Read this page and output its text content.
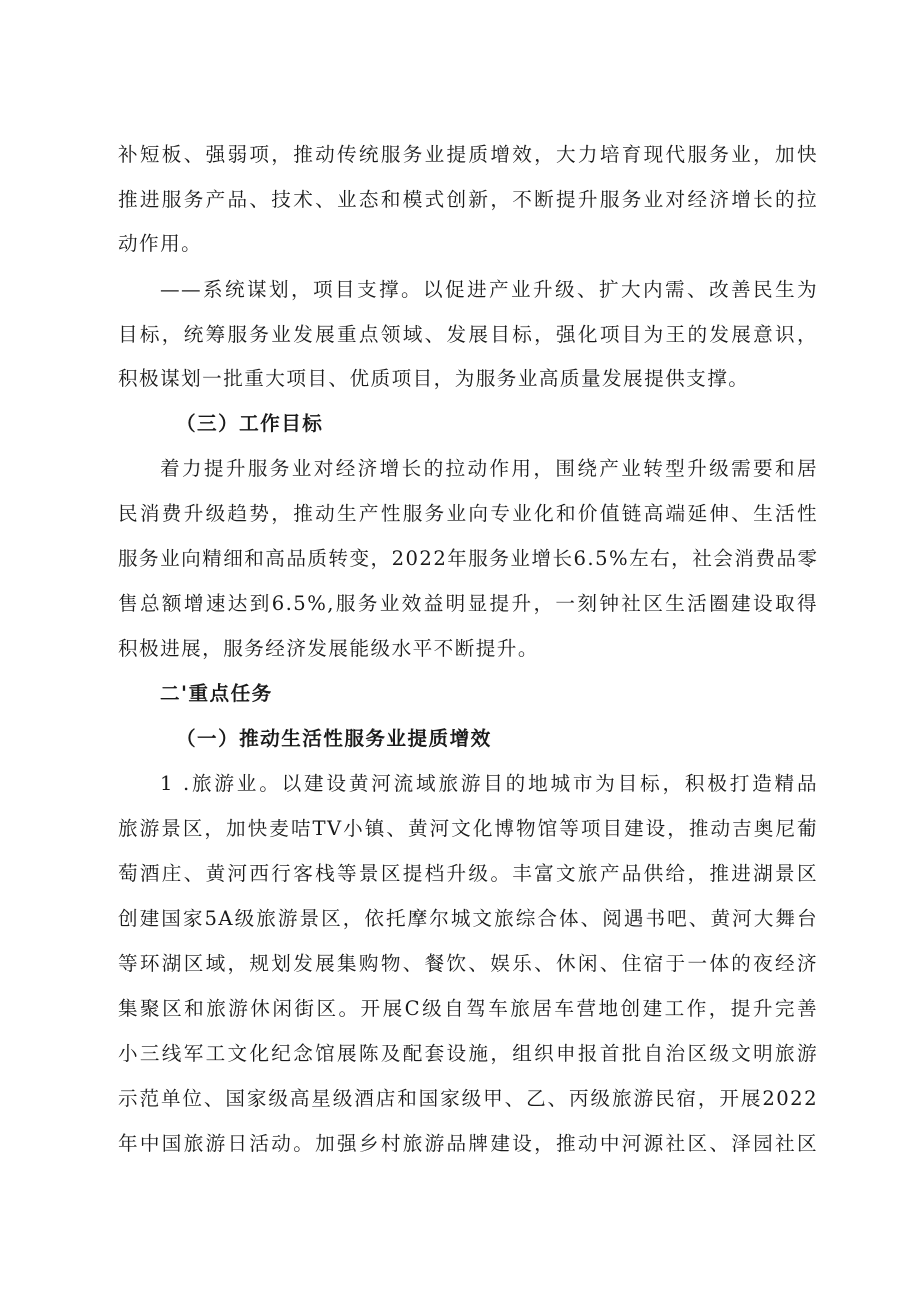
补短板、强弱项，推动传统服务业提质增效，大力培育现代服务业，加快
推进服务产品、技术、业态和模式创新，不断提升服务业对经济增长的拉
动作用。
——系统谋划，项目支撑。以促进产业升级、扩大内需、改善民生为
目标，统筹服务业发展重点领域、发展目标，强化项目为王的发展意识，
积极谋划一批重大项目、优质项目，为服务业高质量发展提供支撑。
（三）工作目标
着力提升服务业对经济增长的拉动作用，围绕产业转型升级需要和居
民消费升级趋势，推动生产性服务业向专业化和价值链高端延伸、生活性
服务业向精细和高品质转变，2022年服务业增长6.5%左右，社会消费品零
售总额增速达到6.5%,服务业效益明显提升，一刻钟社区生活圈建设取得
积极进展，服务经济发展能级水平不断提升。
二'重点任务
（一）推动生活性服务业提质增效
1 .旅游业。以建设黄河流域旅游目的地城市为目标，积极打造精品
旅游景区，加快麦咭TV小镇、黄河文化博物馆等项目建设，推动吉奥尼葡
萄酒庄、黄河西行客栈等景区提档升级。丰富文旅产品供给，推进湖景区
创建国家5A级旅游景区，依托摩尔城文旅综合体、阅遇书吧、黄河大舞台
等环湖区域，规划发展集购物、餐饮、娱乐、休闲、住宿于一体的夜经济
集聚区和旅游休闲街区。开展C级自驾车旅居车营地创建工作，提升完善
小三线军工文化纪念馆展陈及配套设施，组织申报首批自治区级文明旅游
示范单位、国家级高星级酒店和国家级甲、乙、丙级旅游民宿，开展2022
年中国旅游日活动。加强乡村旅游品牌建设，推动中河源社区、泽园社区
